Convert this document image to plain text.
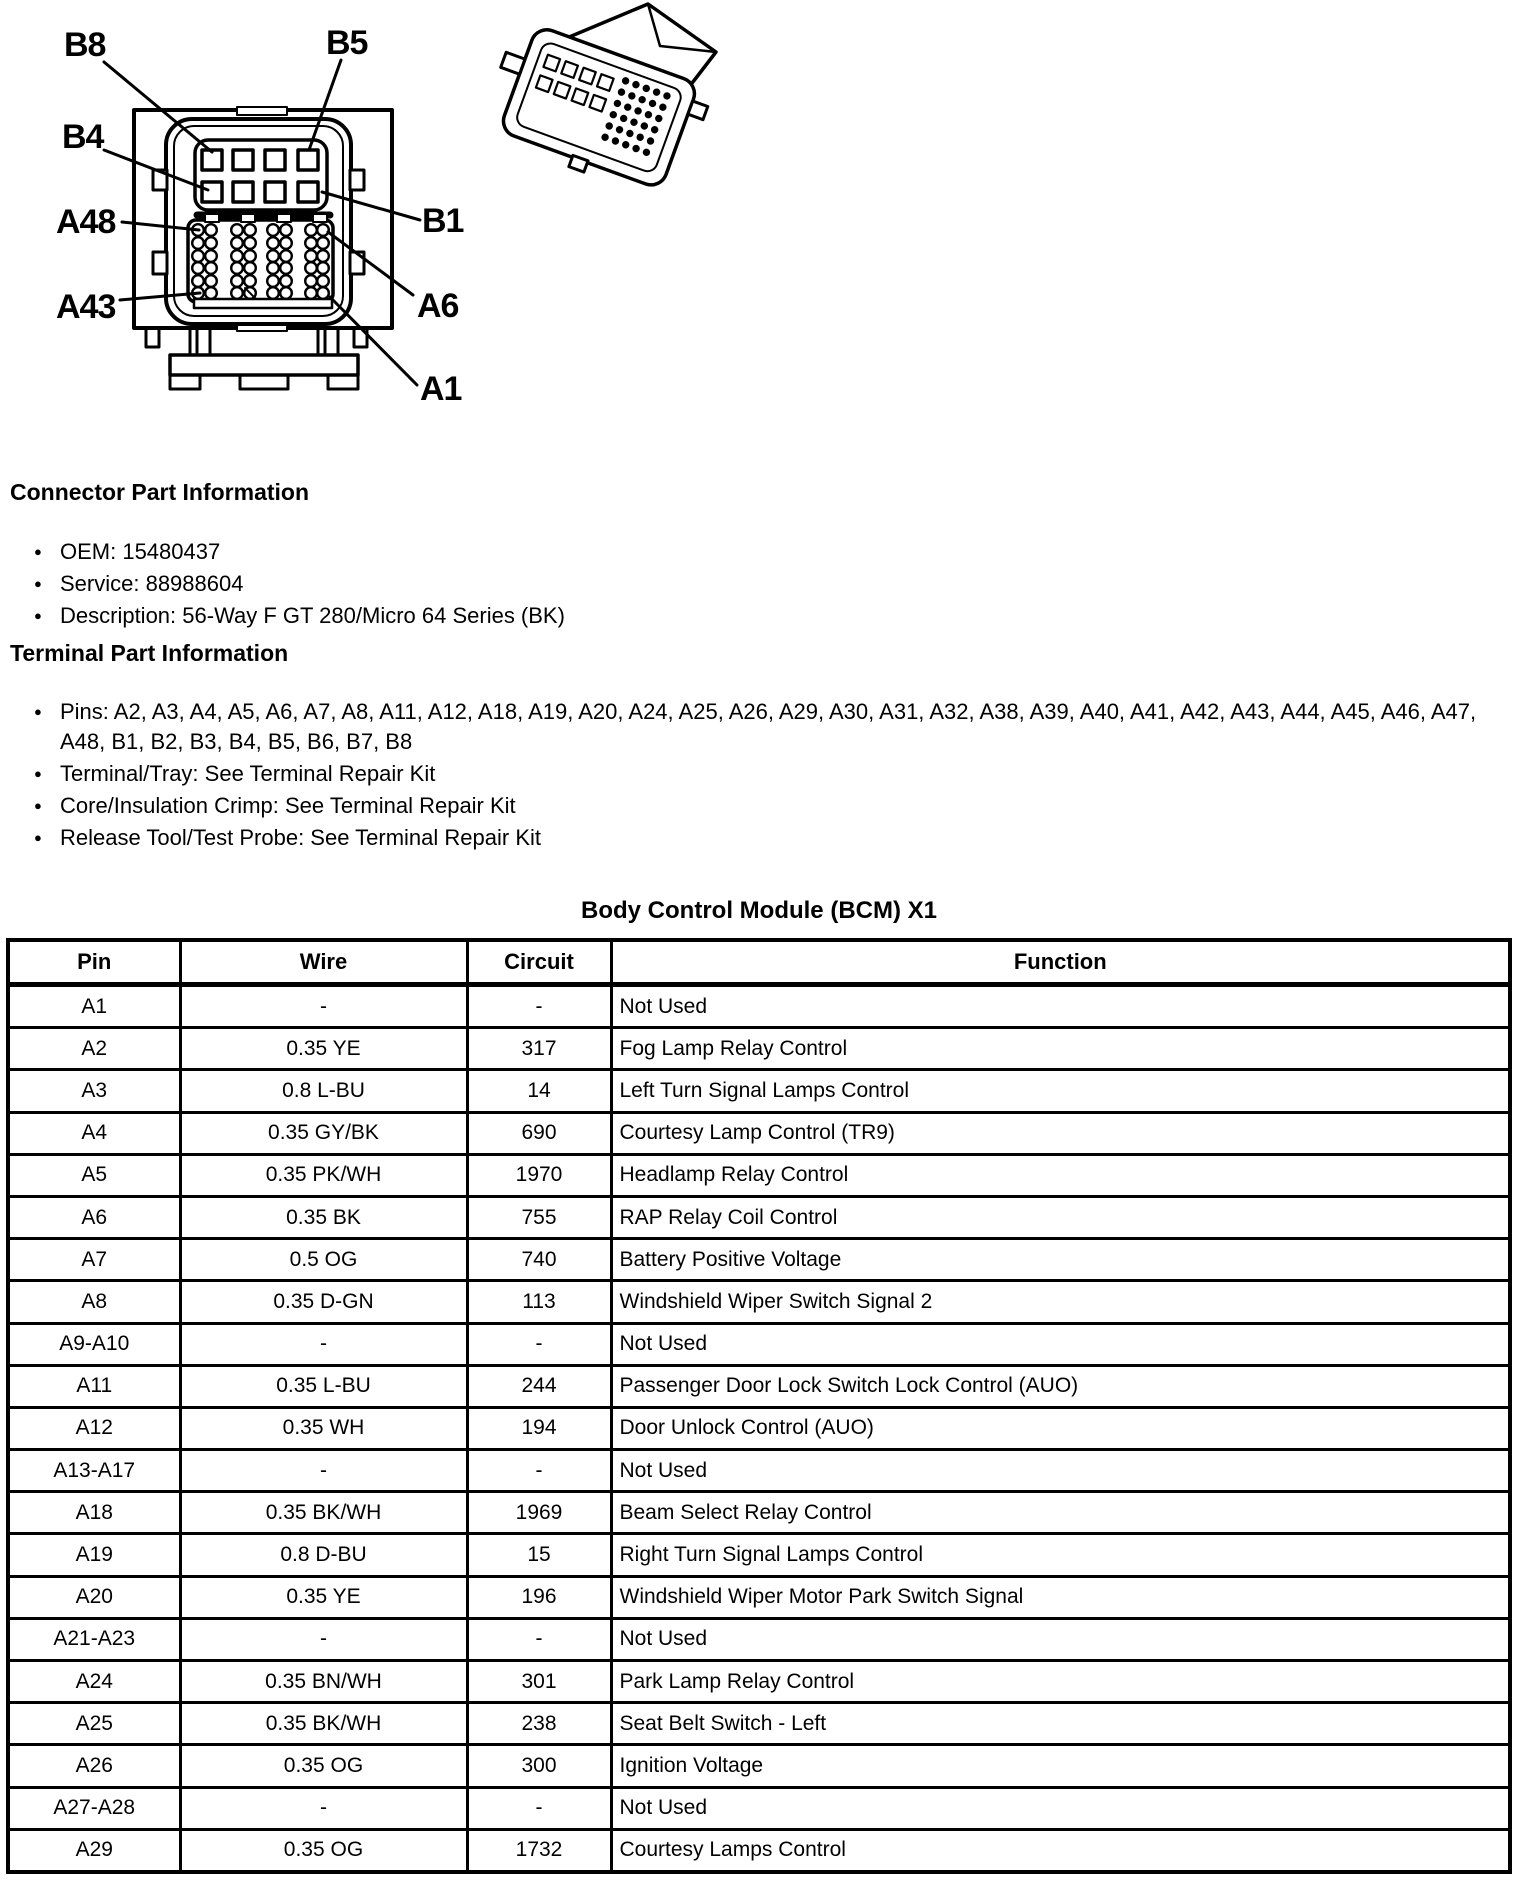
B8	B5
B4
A48
A43
B1
A6
A1
Connector Part Information
● OEM: 15480437
● Service: 88988604
● Description: 56-Way F GT 280/Micro 64 Series (BK)
Terminal Part Information
● Pins: A2, A3, A4, A5, A6, A7, A8, A11, A12, A18, A19, A20, A24, A25, A26, A29, A30, A31, A32, A38, A39, A40, A41, A42, A43, A44, A45, A46, A47, A48, B1, B2, B3, B4, B5, B6, B7, B8
● Terminal/Tray: See Terminal Repair Kit
● Core/Insulation Crimp: See Terminal Repair Kit
● Release Tool/Test Probe: See Terminal Repair Kit
Body Control Module (BCM) X1
Pin	Wire	Circuit	Function
A1	-	-	Not Used
A2	0.35 YE	317	Fog Lamp Relay Control
A3	0.8 L-BU	14	Left Turn Signal Lamps Control
A4	0.35 GY/BK	690	Courtesy Lamp Control (TR9)
A5	0.35 PK/WH	1970	Headlamp Relay Control
A6	0.35 BK	755	RAP Relay Coil Control
A7	0.5 OG	740	Battery Positive Voltage
A8	0.35 D-GN	113	Windshield Wiper Switch Signal 2
A9-A10	-	-	Not Used
A11	0.35 L-BU	244	Passenger Door Lock Switch Lock Control (AUO)
A12	0.35 WH	194	Door Unlock Control (AUO)
A13-A17	-	-	Not Used
A18	0.35 BK/WH	1969	Beam Select Relay Control
A19	0.8 D-BU	15	Right Turn Signal Lamps Control
A20	0.35 YE	196	Windshield Wiper Motor Park Switch Signal
A21-A23	-	-	Not Used
A24	0.35 BN/WH	301	Park Lamp Relay Control
A25	0.35 BK/WH	238	Seat Belt Switch - Left
A26	0.35 OG	300	Ignition Voltage
A27-A28	-	-	Not Used
A29	0.35 OG	1732	Courtesy Lamps Control
